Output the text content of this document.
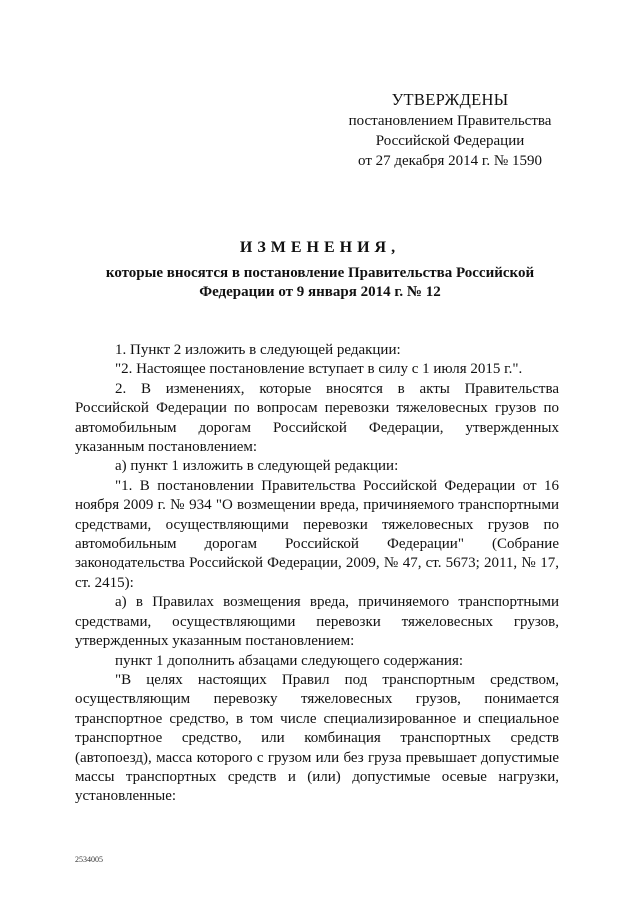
УТВЕРЖДЕНЫ
постановлением Правительства
Российской Федерации
от 27 декабря 2014 г. № 1590
ИЗМЕНЕНИЯ,
которые вносятся в постановление Правительства Российской
Федерации от 9 января 2014 г. № 12

1. Пункт 2 изложить в следующей редакции:

"2. Настоящее постановление вступает в силу с 1 июля 2015 г.".

2. В изменениях, которые вносятся в акты Правительства Российской Федерации по вопросам перевозки тяжеловесных грузов по автомобильным дорогам Российской Федерации, утвержденных указанным постановлением:

а) пункт 1 изложить в следующей редакции:

"1. В постановлении Правительства Российской Федерации от 16 ноября 2009 г. № 934 "О возмещении вреда, причиняемого транспортными средствами, осуществляющими перевозки тяжеловесных грузов по автомобильным дорогам Российской Федерации" (Собрание законодательства Российской Федерации, 2009, № 47, ст. 5673; 2011, № 17, ст. 2415):

а) в Правилах возмещения вреда, причиняемого транспортными средствами, осуществляющими перевозки тяжеловесных грузов, утвержденных указанным постановлением:

пункт 1 дополнить абзацами следующего содержания:

"В целях настоящих Правил под транспортным средством, осуществляющим перевозку тяжеловесных грузов, понимается транспортное средство, в том числе специализированное и специальное транспортное средство, или комбинация транспортных средств (автопоезд), масса которого с грузом или без груза превышает допустимые массы транспортных средств и (или) допустимые осевые нагрузки, установленные:

2534005
